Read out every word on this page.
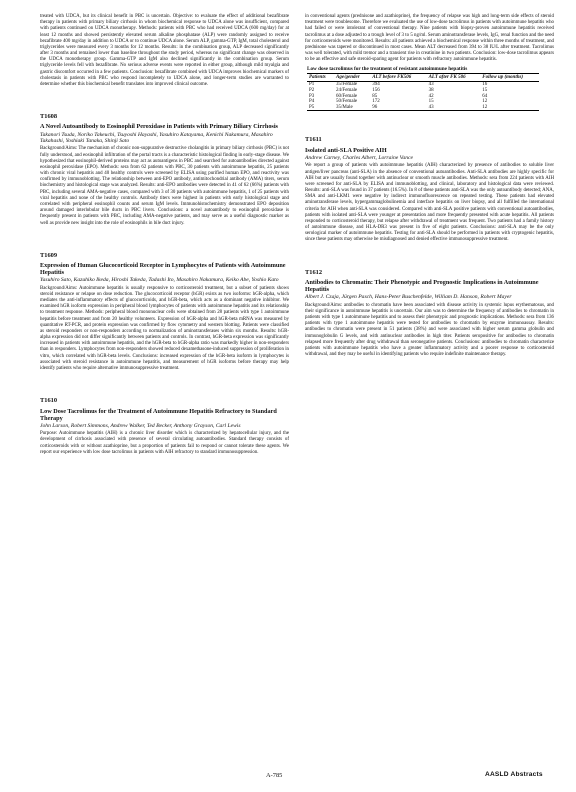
treated with UDCA, but its clinical benefit in PBC is uncertain. Objective: to evaluate the effect of additional bezafibrate therapy in patients with primary biliary cirrhosis in whom biochemical response to UDCA alone was insufficient, compared with patients continued on UDCA monotherapy. Methods: patients with PBC who had received UDCA (600 mg/day) for at least 12 months and showed persistently elevated serum alkaline phosphatase (ALP) were randomly assigned to receive bezafibrate 400 mg/day in addition to UDCA or to continue UDCA alone. Serum ALP, gamma-GTP, IgM, total cholesterol and triglycerides were measured every 3 months for 12 months. Results: in the combination group, ALP decreased significantly after 3 months and remained lower than baseline throughout the study period, whereas no significant change was observed in the UDCA monotherapy group. Gamma-GTP and IgM also declined significantly in the combination group. Serum triglyceride levels fell with bezafibrate. No serious adverse events were reported in either group, although mild myalgia and gastric discomfort occurred in a few patients. Conclusion: bezafibrate combined with UDCA improves biochemical markers of cholestasis in patients with PBC who respond incompletely to UDCA alone, and longer-term studies are warranted to determine whether this biochemical benefit translates into improved clinical outcome.

T1608
A Novel Autoantibody to Eosinophil Peroxidase in Patients with Primary Biliary Cirrhosis
Takanori Tsuda, Noriko Takeuchi, Tsuyoshi Hayashi, Yasuhiro Katayama, Kenichi Nakamura, Masahiro Takahashi, Yoshiaki Tanaka, Shinji Sato

Background/Aims: The mechanism of chronic non-suppurative destructive cholangitis in primary biliary cirrhosis (PBC) is not fully understood, and eosinophil infiltration of the portal tracts is a characteristic histological finding in early-stage disease. We hypothesized that eosinophil-derived proteins may act as autoantigens in PBC and searched for autoantibodies directed against eosinophil peroxidase (EPO). Methods: sera from 62 patients with PBC, 30 patients with autoimmune hepatitis, 25 patients with chronic viral hepatitis and 40 healthy controls were screened by ELISA using purified human EPO, and reactivity was confirmed by immunoblotting. The relationship between anti-EPO antibody, antimitochondrial antibody (AMA) titers, serum biochemistry and histological stage was analyzed. Results: anti-EPO antibodies were detected in 41 of 62 (66%) patients with PBC, including several AMA-negative cases, compared with 3 of 30 patients with autoimmune hepatitis, 1 of 25 patients with viral hepatitis and none of the healthy controls. Antibody titers were highest in patients with early histological stage and correlated with peripheral eosinophil counts and serum IgM levels. Immunohistochemistry demonstrated EPO deposition around damaged interlobular bile ducts in PBC livers. Conclusions: a novel autoantibody to eosinophil peroxidase is frequently present in patients with PBC, including AMA-negative patients, and may serve as a useful diagnostic marker as well as provide new insight into the role of eosinophils in bile duct injury.

T1609
Expression of Human Glucocorticoid Receptor in Lymphocytes of Patients with Autoimmune Hepatitis
Yasuhiro Sato, Kazuhiko Ikeda, Hiroshi Takeda, Tadashi Ito, Masahiro Nakamura, Keiko Abe, Yoshio Kato

Background/Aims: Autoimmune hepatitis is usually responsive to corticosteroid treatment, but a subset of patients shows steroid resistance or relapse on dose reduction. The glucocorticoid receptor (hGR) exists as two isoforms: hGR-alpha, which mediates the anti-inflammatory effects of glucocorticoids, and hGR-beta, which acts as a dominant negative inhibitor. We examined hGR isoform expression in peripheral blood lymphocytes of patients with autoimmune hepatitis and its relationship to treatment response. Methods: peripheral blood mononuclear cells were obtained from 28 patients with type 1 autoimmune hepatitis before treatment and from 20 healthy volunteers. Expression of hGR-alpha and hGR-beta mRNA was measured by quantitative RT-PCR, and protein expression was confirmed by flow cytometry and western blotting. Patients were classified as steroid responders or non-responders according to normalization of aminotransferases within six months. Results: hGR-alpha expression did not differ significantly between patients and controls. In contrast, hGR-beta expression was significantly increased in patients with autoimmune hepatitis, and the hGR-beta to hGR-alpha ratio was markedly higher in non-responders than in responders. Lymphocytes from non-responders showed reduced dexamethasone-induced suppression of proliferation in vitro, which correlated with hGR-beta levels. Conclusions: increased expression of the hGR-beta isoform in lymphocytes is associated with steroid resistance in autoimmune hepatitis, and measurement of hGR isoforms before therapy may help identify patients who require alternative immunosuppressive treatment.

T1610
Low Dose Tacrolimus for the Treatment of Autoimmune Hepatitis Refractory to Standard Therapy
John Larson, Robert Simmons, Andrew Walker, Ted Becker, Anthony Grayson, Carl Lewis

Purpose: Autoimmune hepatitis (AIH) is a chronic liver disorder which is characterized by hepatocellular injury, and the development of cirrhosis associated with presence of several circulating autoantibodies. Standard therapy consists of corticosteroids with or without azathioprine, but a proportion of patients fail to respond or cannot tolerate these agents. We report our experience with low dose tacrolimus in patients with AIH refractory to standard immunosuppression.

in conventional agents (prednisone and azathioprine), the frequency of relapse was high and long-term side effects of steroid treatment were troublesome. Therefore we evaluated the use of low-dose tacrolimus in patients with autoimmune hepatitis who had failed or were intolerant of conventional therapy. Nine patients with biopsy-proven autoimmune hepatitis received tacrolimus at a dose adjusted to a trough level of 3 to 5 ng/ml. Serum aminotransferase levels, IgG, renal function and the need for corticosteroids were monitored. Results: all patients achieved a biochemical response within three months of treatment, and prednisone was tapered or discontinued in most cases. Mean ALT decreased from 394 to 38 IU/L after treatment. Tacrolimus was well tolerated, with mild tremor and a transient rise in creatinine in two patients. Conclusion: low-dose tacrolimus appears to be an effective and safe steroid-sparing agent for patients with refractory autoimmune hepatitis.

Low dose tacrolimus for the treatment of resistant autoimmune hepatitis
Patients	Age/gender	ALT before FK506	ALT after FK 506	Follow up (months)
P1	35/Female	394	43	16
P2	24/Female	156	38	15
P3	60/Female	85	42	64
P4	50/Female	172	15	12
P5	35/Male	96	43	12
T1611
Isolated anti-SLA Positive AIH
Andrew Carney, Charles Albert, Lorraine Vance

We report a group of patients with autoimmune hepatitis (AIH) characterized by presence of antibodies to soluble liver antigen/liver pancreas (anti-SLA) in the absence of conventional autoantibodies. Anti-SLA antibodies are highly specific for AIH but are usually found together with antinuclear or smooth muscle antibodies. Methods: sera from 224 patients with AIH were screened for anti-SLA by ELISA and immunoblotting, and clinical, laboratory and histological data were reviewed. Results: anti-SLA was found in 37 patients (16.5%). In 8 of these patients anti-SLA was the only autoantibody detected; ANA, SMA and anti-LKM1 were negative by indirect immunofluorescence on repeated testing. These patients had elevated aminotransferase levels, hypergammaglobulinemia and interface hepatitis on liver biopsy, and all fulfilled the international criteria for AIH when anti-SLA was considered. Compared with anti-SLA positive patients with conventional autoantibodies, patients with isolated anti-SLA were younger at presentation and more frequently presented with acute hepatitis. All patients responded to corticosteroid therapy, but relapse after withdrawal of treatment was frequent. Two patients had a family history of autoimmune disease, and HLA-DR3 was present in five of eight patients. Conclusions: anti-SLA may be the only serological marker of autoimmune hepatitis. Testing for anti-SLA should be performed in patients with cryptogenic hepatitis, since these patients may otherwise be misdiagnosed and denied effective immunosuppressive treatment.

T1612
Antibodies to Chromatin: Their Phenotypic and Prognostic Implications in Autoimmune Hepatitis
Albert J. Czaja, Jürgen Pasch, Hans-Peter Buschenfelde, William D. Hanson, Robert Mayer

Background/Aims: antibodies to chromatin have been associated with disease activity in systemic lupus erythematosus, and their significance in autoimmune hepatitis is uncertain. Our aim was to determine the frequency of antibodies to chromatin in patients with type 1 autoimmune hepatitis and to assess their phenotypic and prognostic implications. Methods: sera from 136 patients with type 1 autoimmune hepatitis were tested for antibodies to chromatin by enzyme immunoassay. Results: antibodies to chromatin were present in 51 patients (38%) and were associated with higher serum gamma globulin and immunoglobulin G levels, and with antinuclear antibodies in high titer. Patients seropositive for antibodies to chromatin relapsed more frequently after drug withdrawal than seronegative patients. Conclusions: antibodies to chromatin characterize patients with autoimmune hepatitis who have a greater inflammatory activity and a poorer response to corticosteroid withdrawal, and they may be useful in identifying patients who require indefinite maintenance therapy.

A-785	AASLD Abstracts
